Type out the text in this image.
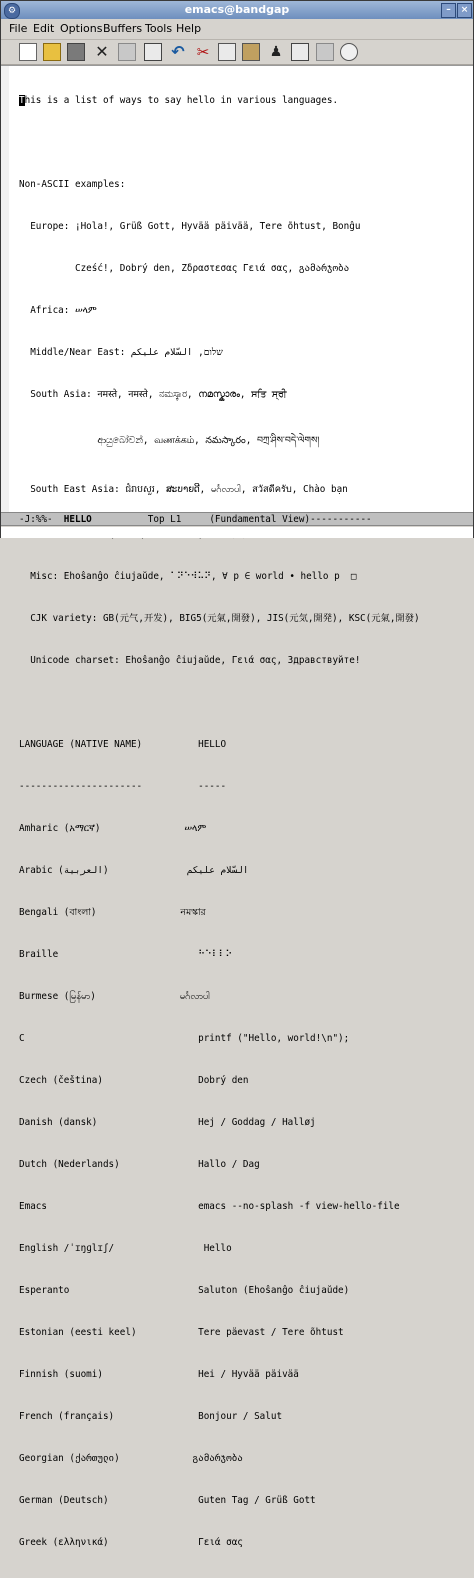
⚙	emacs@bandgap	–	×
File Edit Options Buffers Tools Help
✕	↶ ✂	♟

This is a list of ways to say hello in various languages.

Non-ASCII examples:

Europe: ¡Hola!, Grüß Gott, Hyvää päivää, Tere õhtust, Bonĝu

Cześć!, Dobrý den, Ζδραστεσας Γειά σας, გამარჯობა

Africa: ሠላም

Middle/Near East: שלום, السّلام عليكم

South Asia: नमस्ते, नमस्ते, ನಮಸ್ಕಾರ, നമസ്കാരം, ਸਤਿ ਸ੍ਰੀ

ආයුබෝවන්, வணக்கம், నమస్కారం, བཀྲ་ཤིས་བདེ་ལེགས།

South East Asia: ជំរាបសួរ, ສະບາຍດີ, မင်္ဂလာပါ, สวัสดีครับ, Chào bạn

Misc: Ehoŝanĝo ĉiujaŭde, ⠁⠝⠑⠺⠥⠝, ∀ p ∈ world • hello p  □

CJK variety: GB(元气,开发), BIG5(元氣,開發), JIS(元気,開発), KSC(元氣,開發)

Unicode charset: Ehoŝanĝo ĉiujaŭde, Γειά σας, Здравствуйте!

LANGUAGE (NATIVE NAME)          HELLO

----------------------          -----

Amharic (አማርኛ)               ሠላም

Arabic (العربية)              السّلام عليكم

Bengali (বাংলা)               নমস্কার

Braille                         ⠓⠑⠇⠇⠕

Burmese (မြန်မာ)               မင်္ဂလာပါ

C                               printf ("Hello, world!\n");

Czech (čeština)                 Dobrý den

Danish (dansk)                  Hej / Goddag / Halløj

Dutch (Nederlands)              Hallo / Dag

Emacs                           emacs --no-splash -f view-hello-file

English /ˈɪŋɡlɪʃ/                Hello

Esperanto                       Saluton (Ehoŝanĝo ĉiujaŭde)

Estonian (eesti keel)           Tere päevast / Tere õhtust

Finnish (suomi)                 Hei / Hyvää päivää

French (français)               Bonjour / Salut

Georgian (ქართული)             გამარჯობა

German (Deutsch)                Guten Tag / Grüß Gott

Greek (ελληνικά)                Γειά σας

-J:%%-  HELLO          Top L1     (Fundamental View)-----------
